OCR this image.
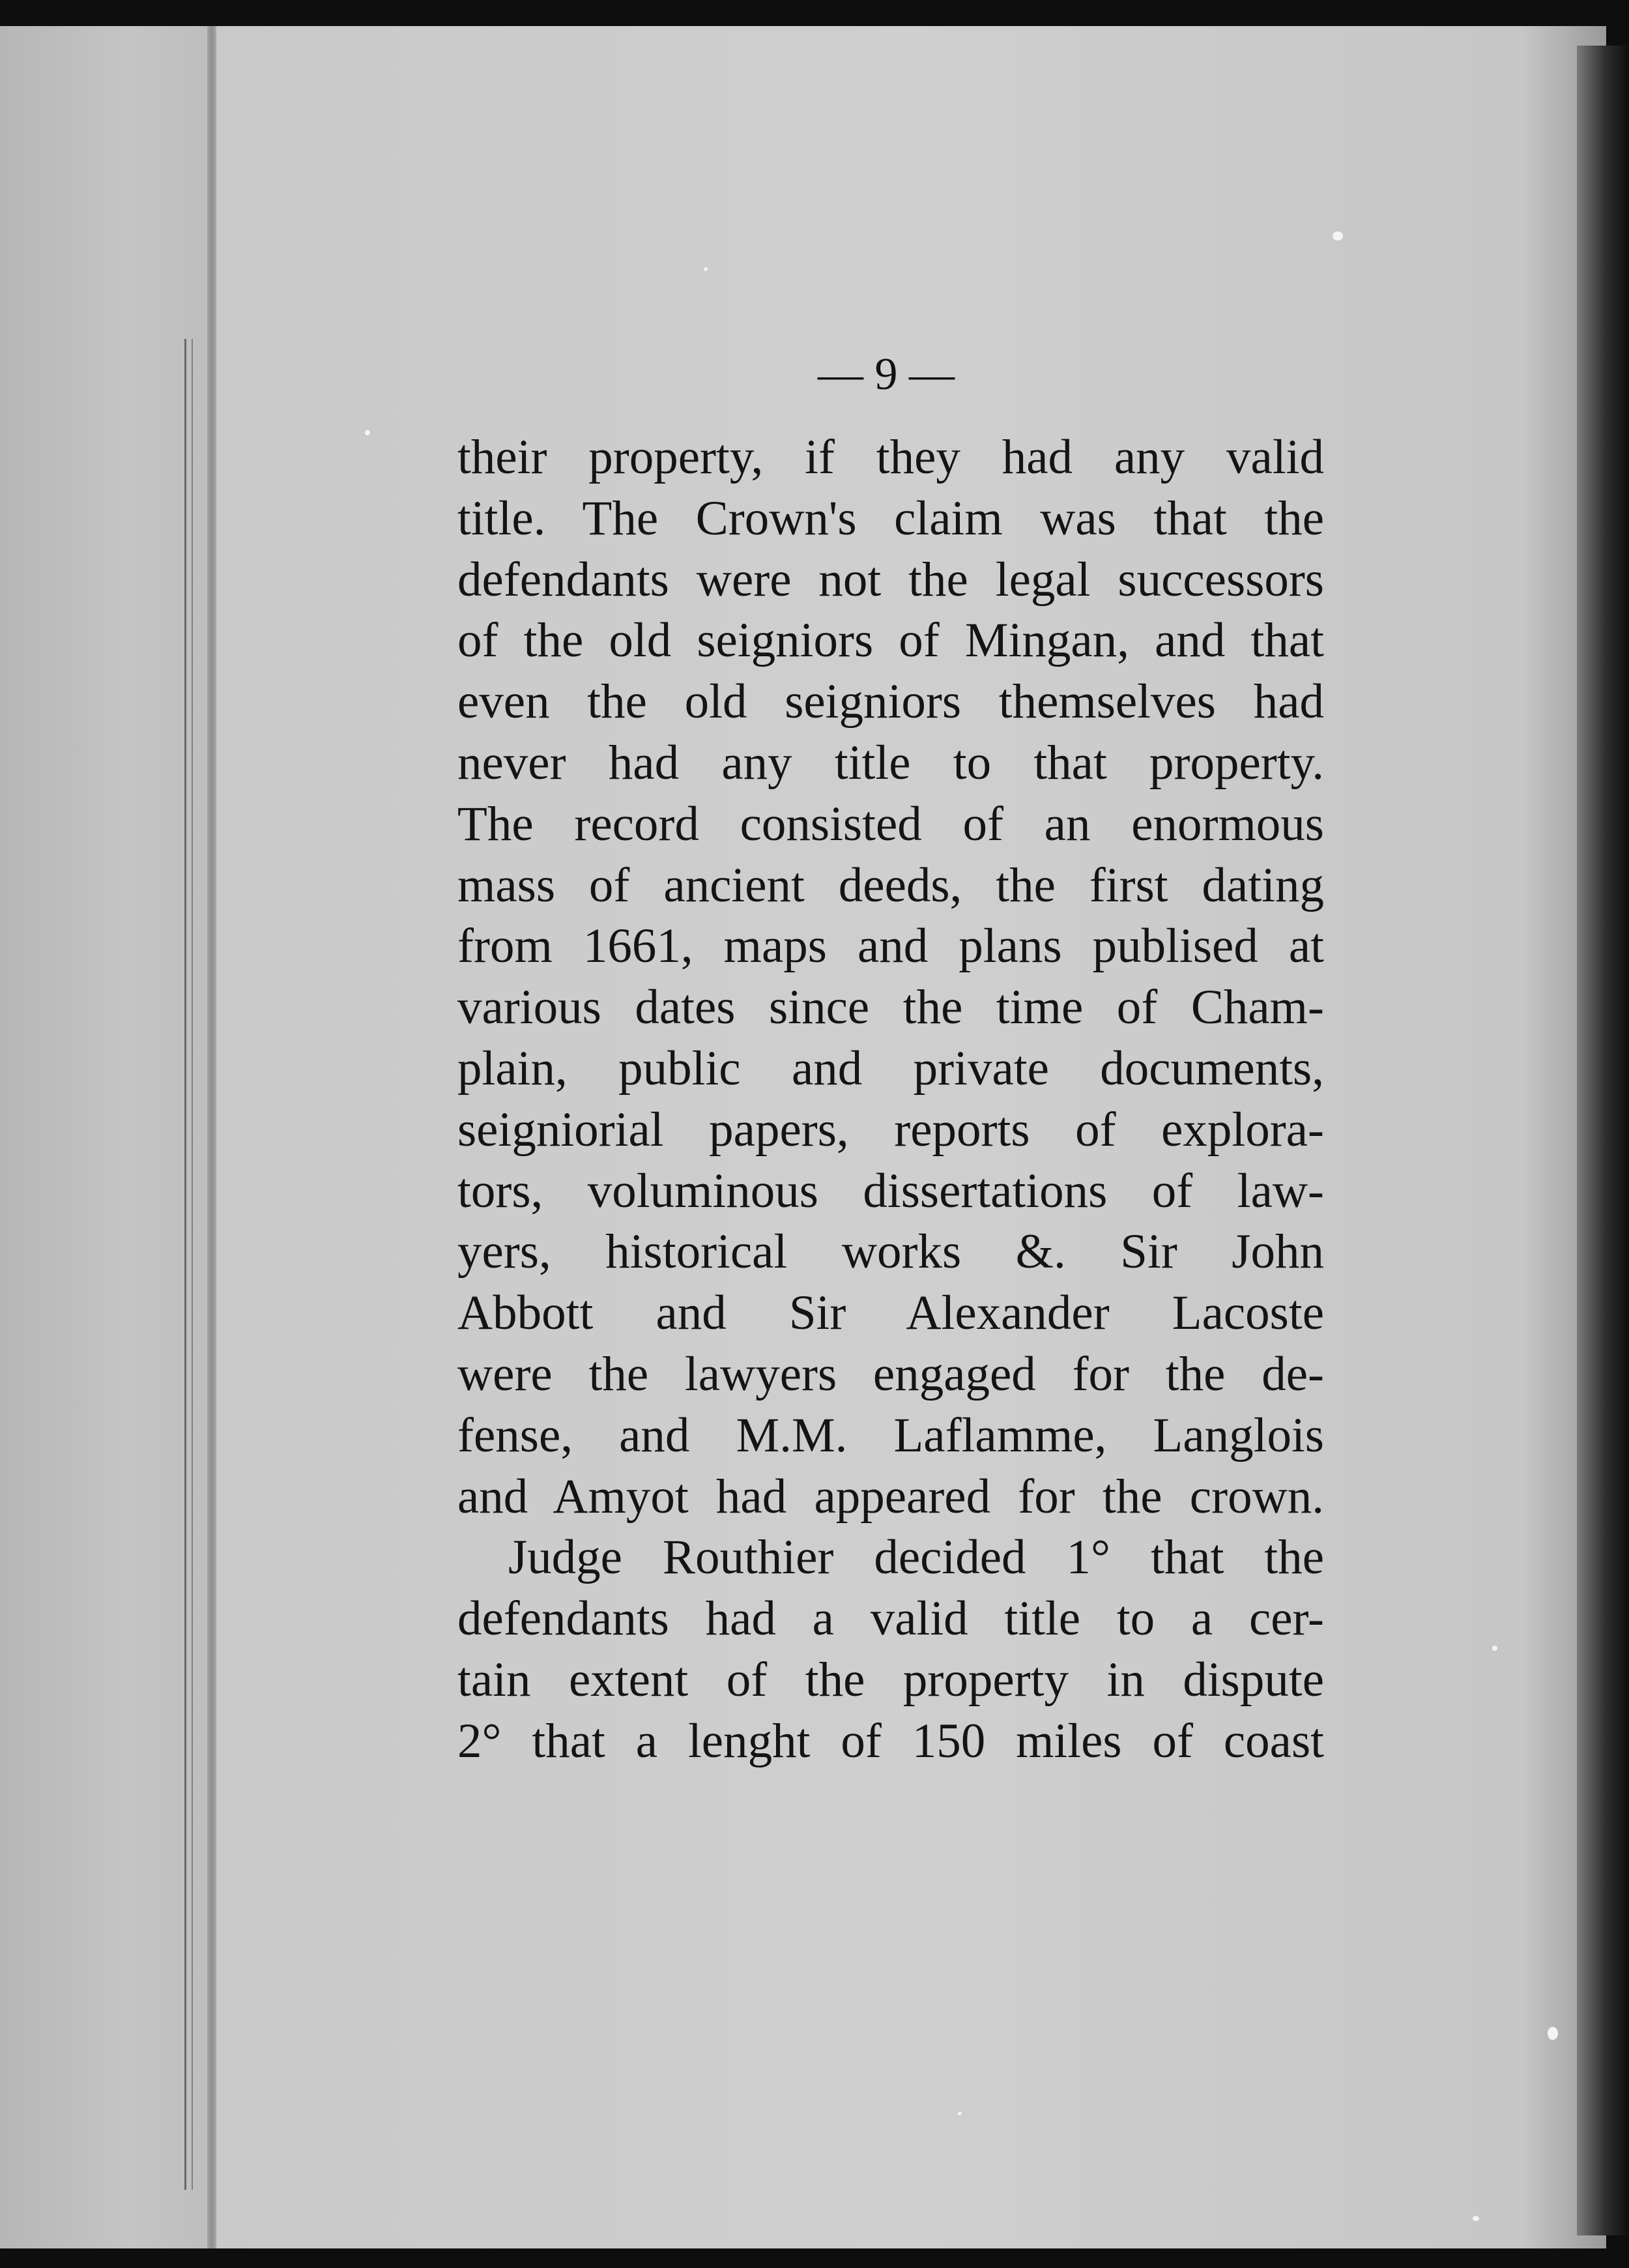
— 9 —
their property, if they had any valid
title. The Crown's claim was that the
defendants were not the legal successors
of the old seigniors of Mingan, and that
even the old seigniors themselves had
never had any title to that property.
The record consisted of an enormous
mass of ancient deeds, the first dating
from 1661, maps and plans publised at
various dates since the time of Cham-
plain, public and private documents,
seigniorial papers, reports of explora-
tors, voluminous dissertations of law-
yers, historical works &. Sir John
Abbott and Sir Alexander Lacoste
were the lawyers engaged for the de-
fense, and M.M. Laflamme, Langlois
and Amyot had appeared for the crown.
Judge Routhier decided 1° that the
defendants had a valid title to a cer-
tain extent of the property in dispute
2° that a lenght of 150 miles of coast
